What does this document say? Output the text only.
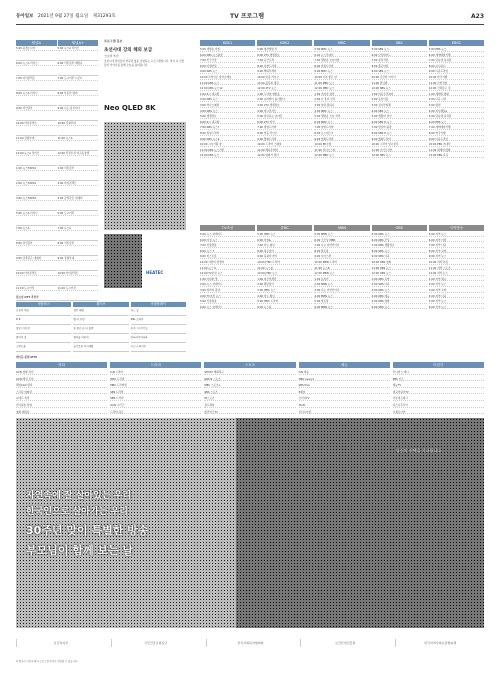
동아일보 2021년 9월 27일 월요일 제31293호	TV 프로그램	A23
채널A	채널A+
5:00 풍경소나타	5:00 뉴스A 라이브
6:00 뉴스A 라이브	6:00 서민갑부 재방송
7:00 아이콘택트	7:00 도시어부 시즌3
8:00 뉴스A 라이브	8:00 부동산 명의
9:00 서민갑부	9:00 나는 몸신이다
10:00 아이콘택트	10:00 강철부대
11:00 강철부대	11:00 뉴스A
12:00 뉴스A 라이브	12:00 산전수전 여고동창생
1:00 뉴스TOP10	1:00 서민갑부
2:00 뉴스TOP10	2:00 아이콘택트
3:00 뉴스TOP10	3:00 금쪽같은 내새끼
5:00 뉴스A 라이브	5:00 도시어부
7:00 뉴스A	7:00 뉴스A
8:00 서민갑부	8:00 서민갑부
9:00 금쪽같은 내새끼	9:00 강철부대
10:00 아이콘택트	10:00 아이콘택트
11:00 도시어부	11:00 도시어부
프로그램 홍보
초선사대 강의 해외 보급
'오늘의 역사'
조선시대 선비들의 학문과 삶을 조명하는 프로그램입니다. 역사 속 인물들의 이야기를 통해 오늘을 돌아봅니다.
Neo QLED 8K
HEATEC
KBS1	KBS2	MBC	SBS	EBS1
5:00 생방송 아침	5:00 영상앨범 산	5:00 MBC 뉴스	5:00 SBS 뉴스	5:00 EBS 뉴스
6:00 KBS 뉴스광장	6:00 2TV 생생정보	6:00 뉴스투데이	6:00 모닝와이드	6:00 세계테마기행
7:00 인간극장	7:00 순간포착	7:00 생방송 오늘아침	7:00 골목식당	7:00 딩동댕 유치원
8:00 아침마당	8:00 아침드라마	8:00 아침드라마	8:00 좋은아침	8:00 보니하니
9:00 KBS 뉴스	9:00 해피투게더	9:00 MBC 뉴스	9:00 SBS 뉴스	9:00 다큐프라임
10:00 무엇이든 물어보세요	10:00 연중 라이브	10:00 기분 좋은 날	10:00 궁금한 이야기	10:00 한국기행
11:00 KBS 뉴스	11:00 불후의 명곡	11:00 MBC 뉴스	11:00 런닝맨	11:00 극한직업
12:00 KBS 뉴스12	12:00 2TV 뉴스	12:00 MBC 뉴스	12:00 SBS 뉴스	12:00 건축탐구 집
1:00 6시 내고향	1:00 드라마 재방송	1:00 전지적 참견	1:00 미운우리새끼	1:00 세계의 명화
2:00 KBS 뉴스	2:00 슈퍼맨이 돌아왔다	2:00 나 혼자 산다	2:00 동상이몽	2:00 다큐 시선
3:00 역사스페셜	3:00 2TV 생생정보	3:00 놀면 뭐하니	3:00 집사부일체	3:00 명의
4:00 KBS 뉴스	4:00 개그콘서트	4:00 MBC 뉴스	4:00 SBS 뉴스	4:00 지식채널e
5:00 생생정보	5:00 살림하는 남자들	5:00 생방송 오늘 저녁	5:00 생활의 달인	5:00 딩동댕 유치원
6:00 6시 내고향	6:00 2TV 저녁	6:00 MBC 뉴스	6:00 SBS 8 뉴스	6:00 EBS 뉴스
7:00 KBS 뉴스7	7:00 일일드라마	7:00 일일드라마	7:00 맛남의 광장	7:00 세계테마기행
8:00 일일드라마	8:00 연중 라이브	8:00 뉴스데스크	8:00 SBS 8 뉴스	8:00 한국기행
9:00 KBS 뉴스9	9:00 월화드라마	9:00 월화드라마	9:00 월화드라마	9:00 다큐프라임
10:00 시사기획 창	10:00 드라마 스페셜	10:00 PD수첩	10:00 그것이 알고싶다	10:00 EBS 초대석
11:00 KBS 뉴스라인	11:00 해피투게더	11:00 라디오스타	11:00 나이트라인	11:00 세계의 명화
12:00 KBS 뉴스	12:00 영화가 좋다	12:00 MBC 뉴스	12:00 SBS 뉴스	12:00 EBS 다큐
TV조선	JTBC	MBN	OBS	지역방송
5:00 뉴스 퍼레이드	5:00 JTBC 뉴스	5:00 MBN 뉴스	5:00 OBS 뉴스	5:00 지역 뉴스
6:00 아침 뉴스	6:00 아침&	6:00 굿모닝 MBN	6:00 OBS 모닝	6:00 지역 아침
7:00 신통방통	7:00 아는 형님	7:00 나는 자연인이다	7:00 OBS 생활정보	7:00 지역 다큐
8:00 뉴스 7	8:00 히든싱어	8:00 알토란	8:00 OBS 뉴스	8:00 지역 교양
9:00 미스트롯	9:00 뭉쳐야 찬다	9:00 보이스퀸	9:00 OBS 다큐	9:00 지역 뉴스
10:00 사랑의 콜센타	10:00 JTBC 드라마	10:00 MBN 드라마	10:00 OBS 영화	10:00 지역 특집
11:00 뉴스 9	11:00 뉴스룸	11:00 뉴스8	11:00 OBS 뉴스	11:00 지역 스포츠
12:00 TV조선 뉴스	12:00 JTBC 뉴스	12:00 MBN 뉴스	12:00 OBS 뉴스	12:00 지역 뉴스
1:00 아내의 맛	1:00 비긴어게인	1:00 동치미	1:00 OBS 교양	1:00 지역 예능
2:00 뉴스 퍼레이드	2:00 팬텀싱어	2:00 MBN 뉴스	2:00 OBS 다큐	2:00 지역 뉴스
3:00 엄마의 봄날	3:00 JTBC 뉴스	3:00 나는 자연인이다	3:00 OBS 뉴스	3:00 지역 교양
4:00 TV조선 뉴스	4:00 아는 형님	4:00 MBN 뉴스	4:00 OBS 예능	4:00 지역 다큐
5:00 신통방통	5:00 JTBC 드라마	5:00 알토란	5:00 OBS 영화	5:00 지역 뉴스
6:00 뉴스 퍼레이드	6:00 뉴스룸	6:00 MBN 뉴스	6:00 OBS 뉴스	6:00 지역 뉴스
월요일 OTT 추천작
넷플릭스	웨이브	쿠팡플레이
오징어 게임	검은 태양	어느 날
D.P.	원 더 우먼	SNL 코리아
킹덤: 아신전	유 퀴즈 온 더 블럭	루카: 더 비기닝
종이의 집	갯마을 차차차	안나라수마나라
스위트홈	슬기로운 의사생활	시드니 라이브
케이블·종편·IPTV
영화	드라마	스포츠	예능	어린이
OCN 영화 특선	tvN 드라마	SPOTV 해외축구	tvN 예능	투니버스 애니
OCN 액션 무비	JTBC 드라마	KBS N 스포츠	MBC every1	EBS 키즈
채널CGV 명작	MBC 드라마넷	MBC 스포츠+	SBS Plus	재능TV
스크린 영화관	SBS 드라마	SBS 스포츠	E채널	대교어린이TV
씨네프 특선	KBS 드라마	IB스포츠	코미디TV	카툰네트워크
인디필름 상영	OCN 시리즈	골프채널	XtvN	디즈니주니어
영화 재방송	드라마 큐브	빌리어즈TV	라이프타임	니켈로디언
자연속에 잘 살아있는 우리
한국인으로 살아가는 우리
30주년 맞이 특별한 방송
부모님이 함께 보는 날
당신의 선택을 기다립니다
보건복지부	국민건강보험공단	한국사회복지협의회	보건산업진흥원	한국지역사회보장협의체
※ 방송사 사정에 따라 프로그램 편성이 변경될 수 있습니다.
